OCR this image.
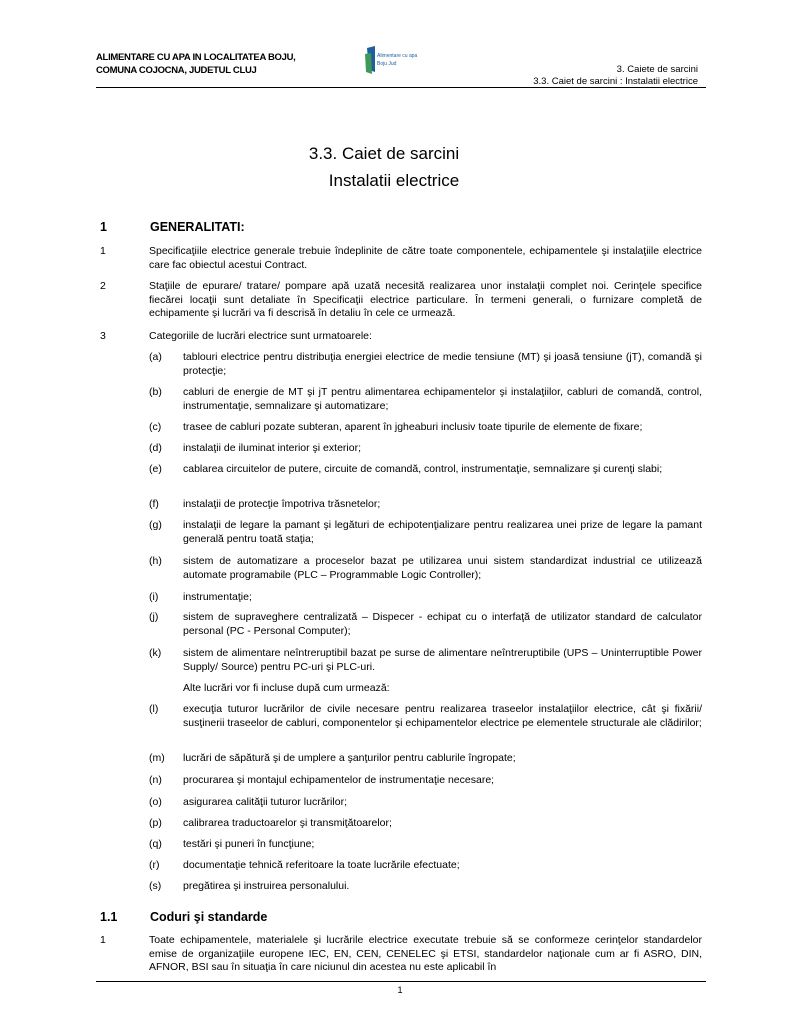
ALIMENTARE CU APA IN LOCALITATEA BOJU,
COMUNA COJOCNA, JUDETUL CLUJ
Alimentare cu apa
Boju Jud	3. Caiete de sarcini
3.3. Caiet de sarcini : Instalatii electrice
3.3. Caiet de sarcini
Instalatii electrice
1	GENERALITATI:
1	Specificaţiile electrice generale trebuie îndeplinite de către toate componentele, echipamentele şi instalaţiile electrice care fac obiectul acestui Contract.
2	Staţiile de epurare/ tratare/ pompare apă uzată necesită realizarea unor instalaţii complet noi. Cerinţele specifice fiecărei locaţii sunt detaliate în Specificaţii electrice particulare. În termeni generali, o furnizare completă de echipamente şi lucrări va fi descrisă în detaliu în cele ce urmează.
3	Categoriile de lucrări electrice sunt urmatoarele:
(a) tablouri electrice pentru distribuţia energiei electrice de medie tensiune (MT) şi joasă tensiune (jT), comandă şi protecţie;
(b) cabluri de energie de MT şi jT pentru alimentarea echipamentelor şi instalaţiilor, cabluri de comandă, control, instrumentaţie, semnalizare şi automatizare;
(c) trasee de cabluri pozate subteran, aparent în jgheaburi inclusiv toate tipurile de elemente de fixare;
(d) instalaţii de iluminat interior şi exterior;
(e) cablarea circuitelor de putere, circuite de comandă, control, instrumentaţie, semnalizare şi curenţi slabi;
(f) instalaţii de protecţie împotriva trăsnetelor;
(g) instalaţii de legare la pamant şi legături de echipotenţializare pentru realizarea unei prize de legare la pamant generală pentru toată staţia;
(h) sistem de automatizare a proceselor bazat pe utilizarea unui sistem standardizat industrial ce utilizează automate programabile (PLC – Programmable Logic Controller);
(i) instrumentaţie;
(j) sistem de supraveghere centralizată – Dispecer - echipat cu o interfaţă de utilizator standard de calculator personal (PC - Personal Computer);
(k) sistem de alimentare neîntreruptibil bazat pe surse de alimentare neîntreruptibile (UPS – Uninterruptible Power Supply/ Source) pentru PC-uri şi PLC-uri.
Alte lucrări vor fi incluse după cum urmează:
(l) execuţia tuturor lucrărilor de civile necesare pentru realizarea traseelor instalaţiilor electrice, cât şi fixării/ susţinerii traseelor de cabluri, componentelor şi echipamentelor electrice pe elementele structurale ale clădirilor;
(m) lucrări de săpătură şi de umplere a şanţurilor pentru cablurile îngropate;
(n) procurarea şi montajul echipamentelor de instrumentaţie necesare;
(o) asigurarea calităţii tuturor lucrărilor;
(p) calibrarea traductoarelor şi transmiţătoarelor;
(q) testări şi puneri în funcţiune;
(r) documentaţie tehnică referitoare la toate lucrările efectuate;
(s) pregătirea şi instruirea personalului.
1.1	Coduri şi standarde
1	Toate echipamentele, materialele şi lucrările electrice executate trebuie să se conformeze cerinţelor standardelor emise de organizaţiile europene IEC, EN, CEN, CENELEC şi ETSI, standardelor naţionale cum ar fi ASRO, DIN, AFNOR, BSI sau în situaţia în care niciunul din acestea nu este aplicabil în
1
